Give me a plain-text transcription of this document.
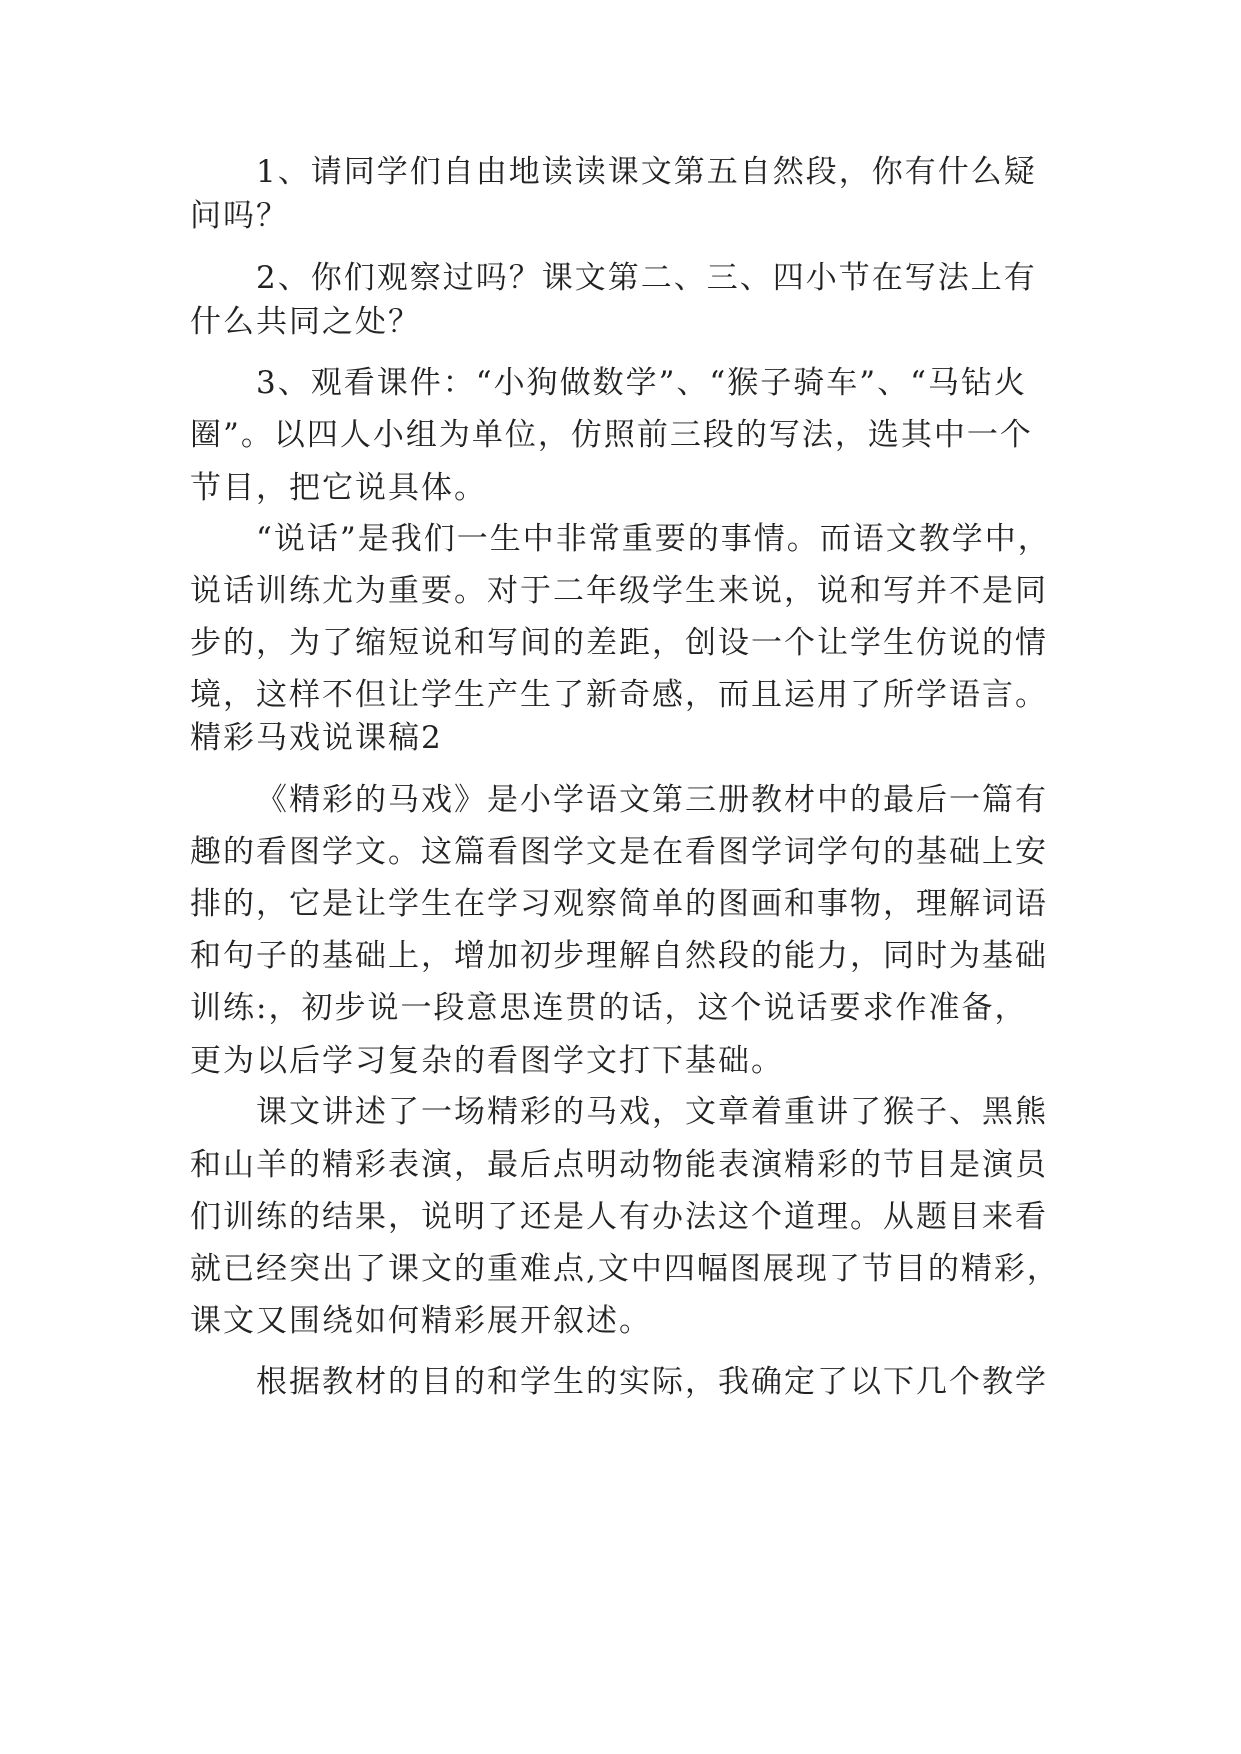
1、请同学们自由地读读课文第五自然段，你有什么疑
问吗？
2、你们观察过吗？课文第二、三、四小节在写法上有
什么共同之处？
3、观看课件：“小狗做数学”、“猴子骑车”、“马钻火
圈”。以四人小组为单位，仿照前三段的写法，选其中一个
节目，把它说具体。
“说话”是我们一生中非常重要的事情。而语文教学中，
说话训练尤为重要。对于二年级学生来说，说和写并不是同
步的，为了缩短说和写间的差距，创设一个让学生仿说的情
境，这样不但让学生产生了新奇感，而且运用了所学语言。
精彩马戏说课稿2
《精彩的马戏》是小学语文第三册教材中的最后一篇有
趣的看图学文。这篇看图学文是在看图学词学句的基础上安
排的，它是让学生在学习观察简单的图画和事物，理解词语
和句子的基础上，增加初步理解自然段的能力，同时为基础
训练:，初步说一段意思连贯的话，这个说话要求作准备，
更为以后学习复杂的看图学文打下基础。
课文讲述了一场精彩的马戏，文章着重讲了猴子、黑熊
和山羊的精彩表演，最后点明动物能表演精彩的节目是演员
们训练的结果，说明了还是人有办法这个道理。从题目来看
就已经突出了课文的重难点,文中四幅图展现了节目的精彩，
课文又围绕如何精彩展开叙述。
根据教材的目的和学生的实际，我确定了以下几个教学
